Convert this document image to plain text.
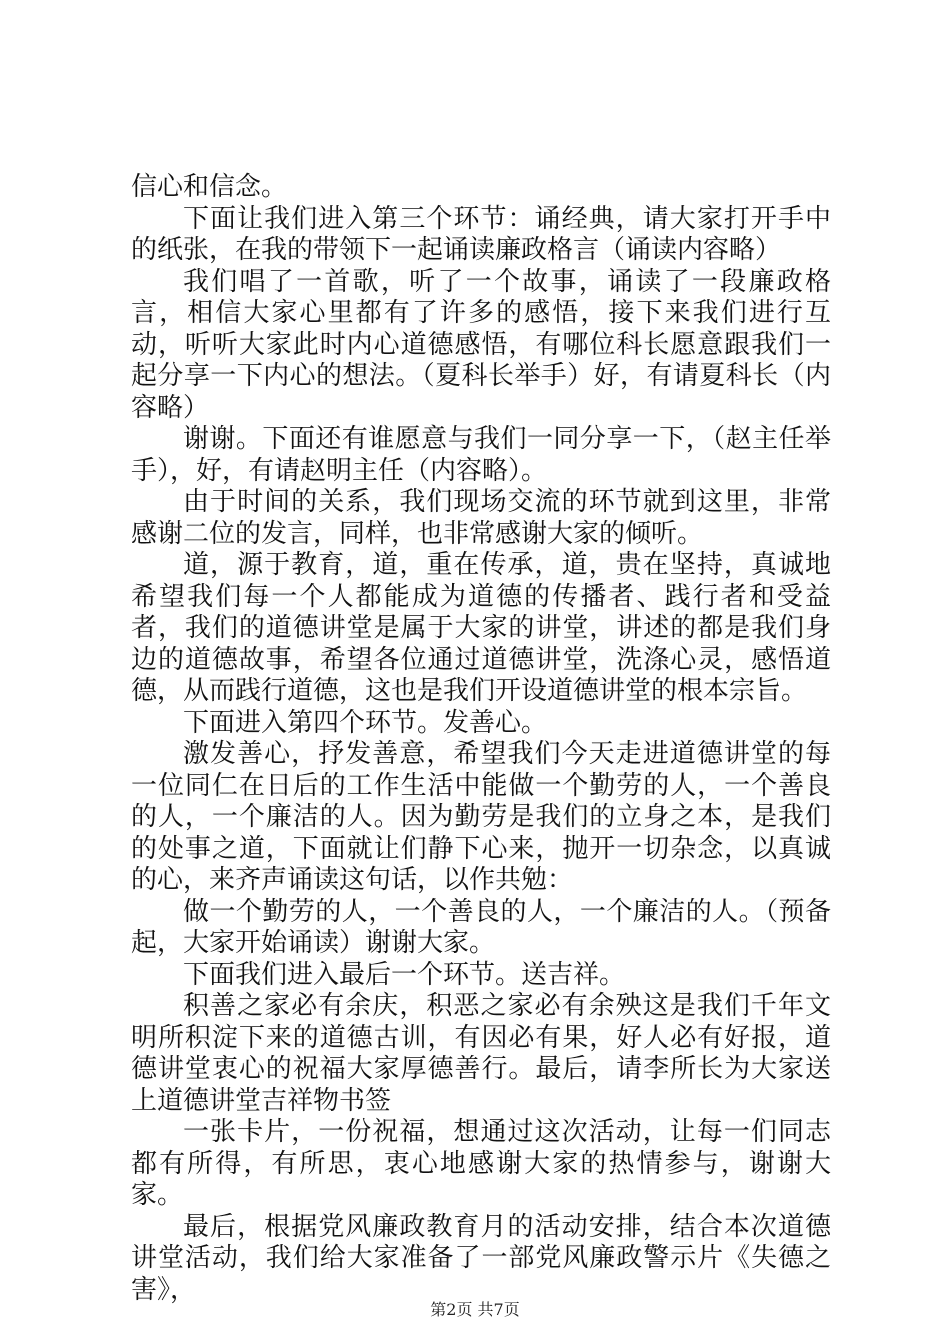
信心和信念。

下面让我们进入第三个环节：诵经典，请大家打开手中的纸张，在我的带领下一起诵读廉政格言（诵读内容略）

我们唱了一首歌，听了一个故事，诵读了一段廉政格言，相信大家心里都有了许多的感悟，接下来我们进行互动，听听大家此时内心道德感悟，有哪位科长愿意跟我们一起分享一下内心的想法。（夏科长举手）好，有请夏科长（内容略）

谢谢。下面还有谁愿意与我们一同分享一下，（赵主任举手），好，有请赵明主任（内容略）。

由于时间的关系，我们现场交流的环节就到这里，非常感谢二位的发言，同样，也非常感谢大家的倾听。

道，源于教育，道，重在传承，道，贵在坚持，真诚地希望我们每一个人都能成为道德的传播者、践行者和受益者，我们的道德讲堂是属于大家的讲堂，讲述的都是我们身边的道德故事，希望各位通过道德讲堂，洗涤心灵，感悟道德，从而践行道德，这也是我们开设道德讲堂的根本宗旨。

下面进入第四个环节。发善心。

激发善心，抒发善意，希望我们今天走进道德讲堂的每一位同仁在日后的工作生活中能做一个勤劳的人，一个善良的人，一个廉洁的人。因为勤劳是我们的立身之本，是我们的处事之道，下面就让们静下心来，抛开一切杂念，以真诚的心，来齐声诵读这句话，以作共勉：

做一个勤劳的人，一个善良的人，一个廉洁的人。（预备起，大家开始诵读）谢谢大家。

下面我们进入最后一个环节。送吉祥。

积善之家必有余庆，积恶之家必有余殃这是我们千年文明所积淀下来的道德古训，有因必有果，好人必有好报，道德讲堂衷心的祝福大家厚德善行。最后，请李所长为大家送上道德讲堂吉祥物书签

一张卡片，一份祝福，想通过这次活动，让每一们同志都有所得，有所思，衷心地感谢大家的热情参与，谢谢大家。

最后，根据党风廉政教育月的活动安排，结合本次道德讲堂活动，我们给大家准备了一部党风廉政警示片《失德之害》，

第2页 共7页
